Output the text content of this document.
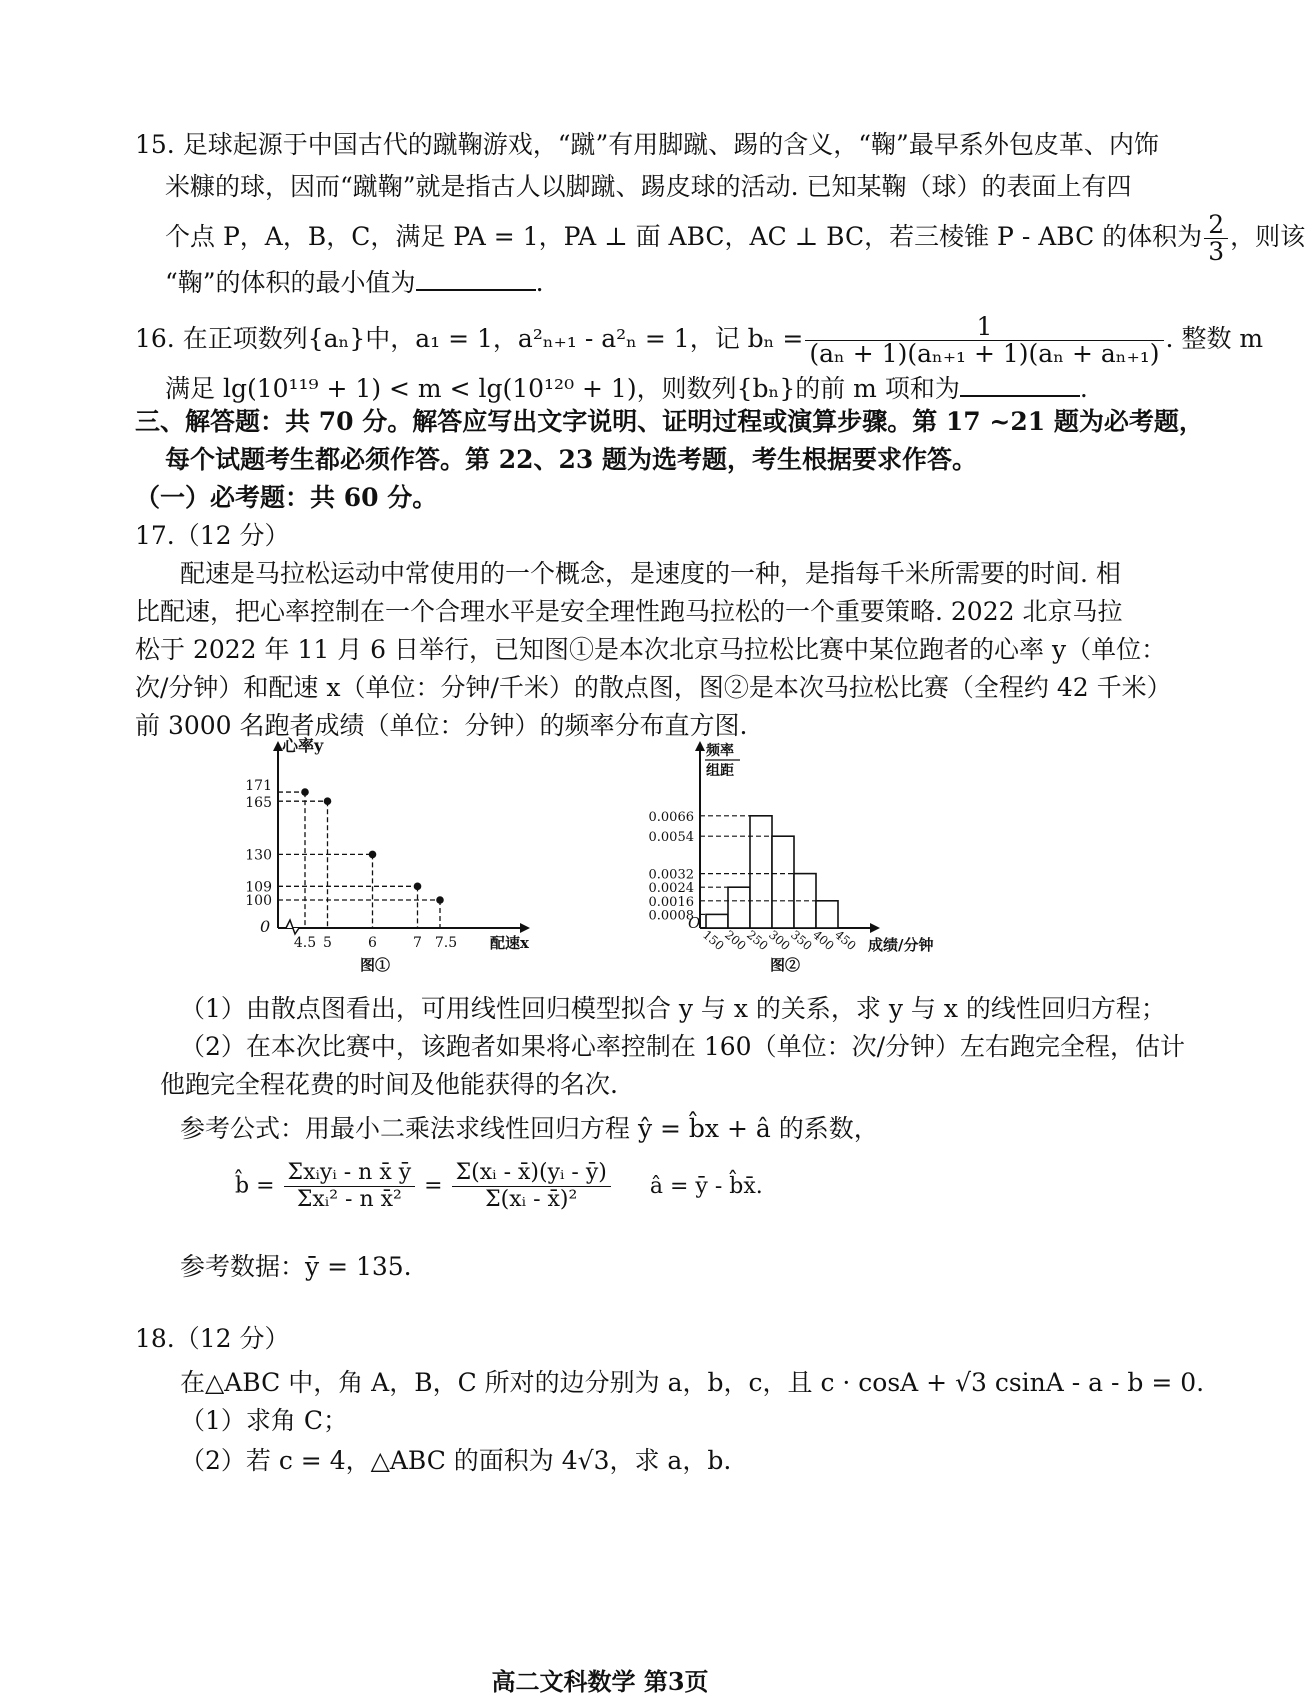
15. 足球起源于中国古代的蹴鞠游戏，“蹴”有用脚蹴、踢的含义，“鞠”最早系外包皮革、内饰
米糠的球，因而“蹴鞠”就是指古人以脚蹴、踢皮球的活动. 已知某鞠（球）的表面上有四
个点 P，A，B，C，满足 PA = 1，PA ⊥ 面 ABC，AC ⊥ BC，若三棱锥 P - ABC 的体积为 $\frac{2}{3}$ ，则该
“鞠”的体积的最小值为	.
16. 在正项数列{aₙ}中，a₁ = 1，a²ₙ₊₁ - a²ₙ = 1，记 $b_n = \frac{1}{\text{(aₙ + 1)(aₙ₊₁ + 1)(aₙ + aₙ₊₁)}}$ . 整数 m
满足 lg(10¹¹⁹ + 1) < m < lg(10¹²⁰ + 1)，则数列{bₙ}的前 m 项和为	.
三、解答题：共 70 分。解答应写出文字说明、证明过程或演算步骤。第 17 ~21 题为必考题，
每个试题考生都必须作答。第 22、23 题为选考题，考生根据要求作答。
（一）必考题：共 60 分。
17.（12 分）
配速是马拉松运动中常使用的一个概念，是速度的一种，是指每千米所需要的时间. 相
比配速，把心率控制在一个合理水平是安全理性跑马拉松的一个重要策略. 2022 北京马拉
松于 2022 年 11 月 6 日举行，已知图①是本次北京马拉松比赛中某位跑者的心率 y（单位：
次/分钟）和配速 x（单位：分钟/千米）的散点图，图②是本次马拉松比赛（全程约 42 千米）
前 3000 名跑者成绩（单位：分钟）的频率分布直方图.
心率y
配速x
0
图①
171
4.5
165
5
130
6
109
7
100
7.5
频率
组距
O
成绩/分钟
图②
0.0066
0.0054
0.0032
0.0024
0.0016
0.0008
150
200
250
300
350
400
450
（1）由散点图看出，可用线性回归模型拟合 y 与 x 的关系，求 y 与 x 的线性回归方程；
（2）在本次比赛中，该跑者如果将心率控制在 160（单位：次/分钟）左右跑完全程，估计
他跑完全程花费的时间及他能获得的名次.
参考公式：用最小二乘法求线性回归方程 ŷ = b̂x + â 的系数，
b̂ = $\frac{\text{Σxᵢyᵢ - n x̄ ȳ}}{\text{Σxᵢ² - n x̄²}} = \frac{\text{Σ(xᵢ - x̄)(yᵢ - ȳ)}}{\text{Σ(xᵢ - x̄)²}}$ â = ȳ - b̂x̄.
参考数据：ȳ = 135.
18.（12 分）
在△ABC 中，角 A，B，C 所对的边分别为 a，b，c，且 c · cosA + √3 csinA - a - b = 0.
（1）求角 C；
（2）若 c = 4，△ABC 的面积为 4√3，求 a，b.
高二文科数学 第3页
